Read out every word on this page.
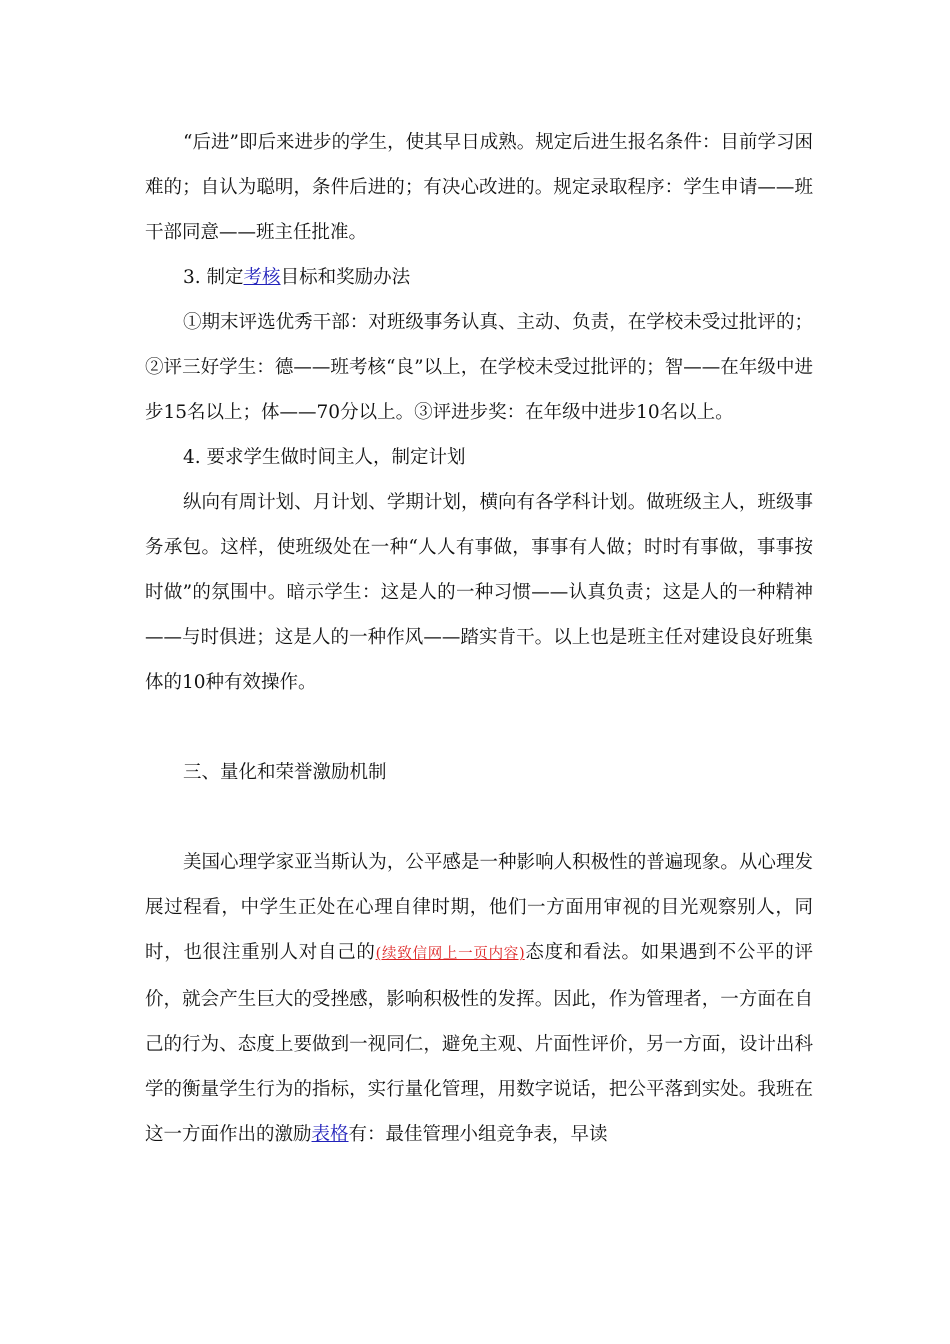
“后进”即后来进步的学生，使其早日成熟。规定后进生报名条件：目前学习困难的；自认为聪明，条件后进的；有决心改进的。规定录取程序：学生申请——班干部同意——班主任批准。

3. 制定考核目标和奖励办法

①期末评选优秀干部：对班级事务认真、主动、负责，在学校未受过批评的；②评三好学生：德——班考核“良”以上，在学校未受过批评的；智——在年级中进步15名以上；体——70分以上。③评进步奖：在年级中进步10名以上。

4. 要求学生做时间主人，制定计划

纵向有周计划、月计划、学期计划，横向有各学科计划。做班级主人，班级事务承包。这样，使班级处在一种“人人有事做，事事有人做；时时有事做，事事按时做”的氛围中。暗示学生：这是人的一种习惯——认真负责；这是人的一种精神——与时俱进；这是人的一种作风——踏实肯干。以上也是班主任对建设良好班集体的10种有效操作。

三、量化和荣誉激励机制

美国心理学家亚当斯认为，公平感是一种影响人积极性的普遍现象。从心理发展过程看，中学生正处在心理自律时期，他们一方面用审视的目光观察别人，同时，也很注重别人对自己的(续致信网上一页内容)态度和看法。如果遇到不公平的评价，就会产生巨大的受挫感，影响积极性的发挥。因此，作为管理者，一方面在自己的行为、态度上要做到一视同仁，避免主观、片面性评价，另一方面，设计出科学的衡量学生行为的指标，实行量化管理，用数字说话，把公平落到实处。我班在这一方面作出的激励表格有：最佳管理小组竞争表，早读
